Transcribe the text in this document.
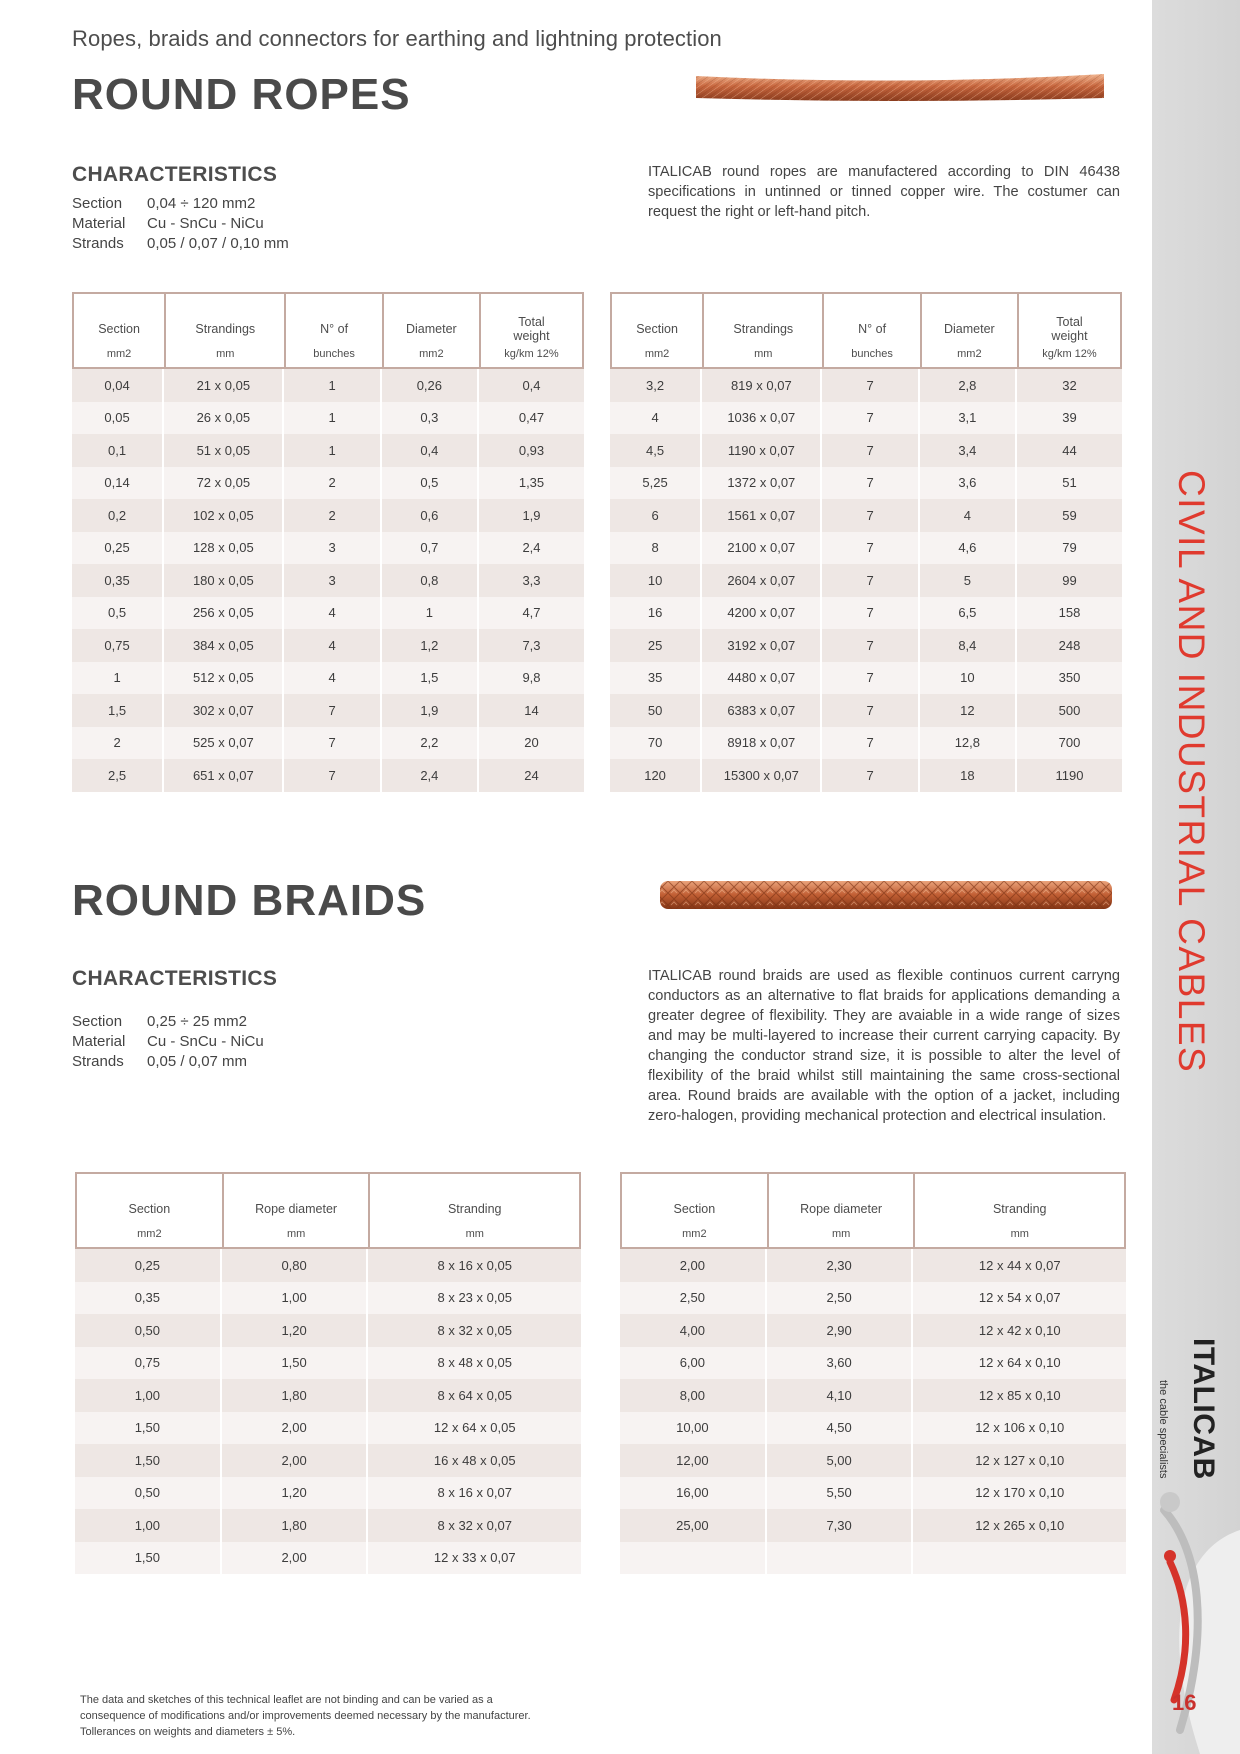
Ropes, braids and connectors for earthing and lightning protection
ROUND ROPES
CHARACTERISTICS
Section	0,04 ÷ 120 mm2
Material	Cu - SnCu - NiCu
Strands	0,05 / 0,07 / 0,10 mm

ITALICAB round ropes are manufactered according to DIN 46438 specifications in untinned or tinned copper wire. The costumer can request the right or left-hand pitch.

Section	Strandings	N° of	Diameter	Total weight
mm2	mm	bunches	mm2	kg/km 12%
0,04	21 x 0,05	1	0,26	0,4
0,05	26 x 0,05	1	0,3	0,47
0,1	51 x 0,05	1	0,4	0,93
0,14	72 x 0,05	2	0,5	1,35
0,2	102 x 0,05	2	0,6	1,9
0,25	128 x 0,05	3	0,7	2,4
0,35	180 x 0,05	3	0,8	3,3
0,5	256 x 0,05	4	1	4,7
0,75	384 x 0,05	4	1,2	7,3
1	512 x 0,05	4	1,5	9,8
1,5	302 x 0,07	7	1,9	14
2	525 x 0,07	7	2,2	20
2,5	651 x 0,07	7	2,4	24
Section	Strandings	N° of	Diameter	Total weight
mm2	mm	bunches	mm2	kg/km 12%
3,2	819 x 0,07	7	2,8	32
4	1036 x 0,07	7	3,1	39
4,5	1190 x 0,07	7	3,4	44
5,25	1372 x 0,07	7	3,6	51
6	1561 x 0,07	7	4	59
8	2100 x 0,07	7	4,6	79
10	2604 x 0,07	7	5	99
16	4200 x 0,07	7	6,5	158
25	3192 x 0,07	7	8,4	248
35	4480 x 0,07	7	10	350
50	6383 x 0,07	7	12	500
70	8918 x 0,07	7	12,8	700
120	15300 x 0,07	7	18	1190
ROUND BRAIDS
CHARACTERISTICS
Section	0,25 ÷ 25 mm2
Material	Cu - SnCu - NiCu
Strands	0,05 / 0,07 mm

ITALICAB round braids are used as flexible continuos current carryng conductors as an alternative to flat braids for applications demanding a greater degree of flexibility. They are avaiable in a wide range of sizes and may be multi-layered to increase their current carrying capacity. By changing the conductor strand size, it is possible to alter the level of flexibility of the braid whilst still maintaining the same cross-sectional area. Round braids are available with the option of a jacket, including zero-halogen, providing mechanical protection and electrical insulation.

Section	Rope diameter	Stranding
mm2	mm	mm
0,25	0,80	8 x 16 x 0,05
0,35	1,00	8 x 23 x 0,05
0,50	1,20	8 x 32 x 0,05
0,75	1,50	8 x 48 x 0,05
1,00	1,80	8 x 64 x 0,05
1,50	2,00	12 x 64 x 0,05
1,50	2,00	16 x 48 x 0,05
0,50	1,20	8 x 16 x 0,07
1,00	1,80	8 x 32 x 0,07
1,50	2,00	12 x 33 x 0,07
Section	Rope diameter	Stranding
mm2	mm	mm
2,00	2,30	12 x 44 x 0,07
2,50	2,50	12 x 54 x 0,07
4,00	2,90	12 x 42 x 0,10
6,00	3,60	12 x 64 x 0,10
8,00	4,10	12 x 85 x 0,10
10,00	4,50	12 x 106 x 0,10
12,00	5,00	12 x 127 x 0,10
16,00	5,50	12 x 170 x 0,10
25,00	7,30	12 x 265 x 0,10

CIVIL AND INDUSTRIAL CABLES
ITALICAB
the cable specialists
16
The data and sketches of this technical leaflet are not binding and can be varied as a consequence of modifications and/or improvements deemed necessary by the manufacturer. Tollerances on weights and diameters ± 5%.
